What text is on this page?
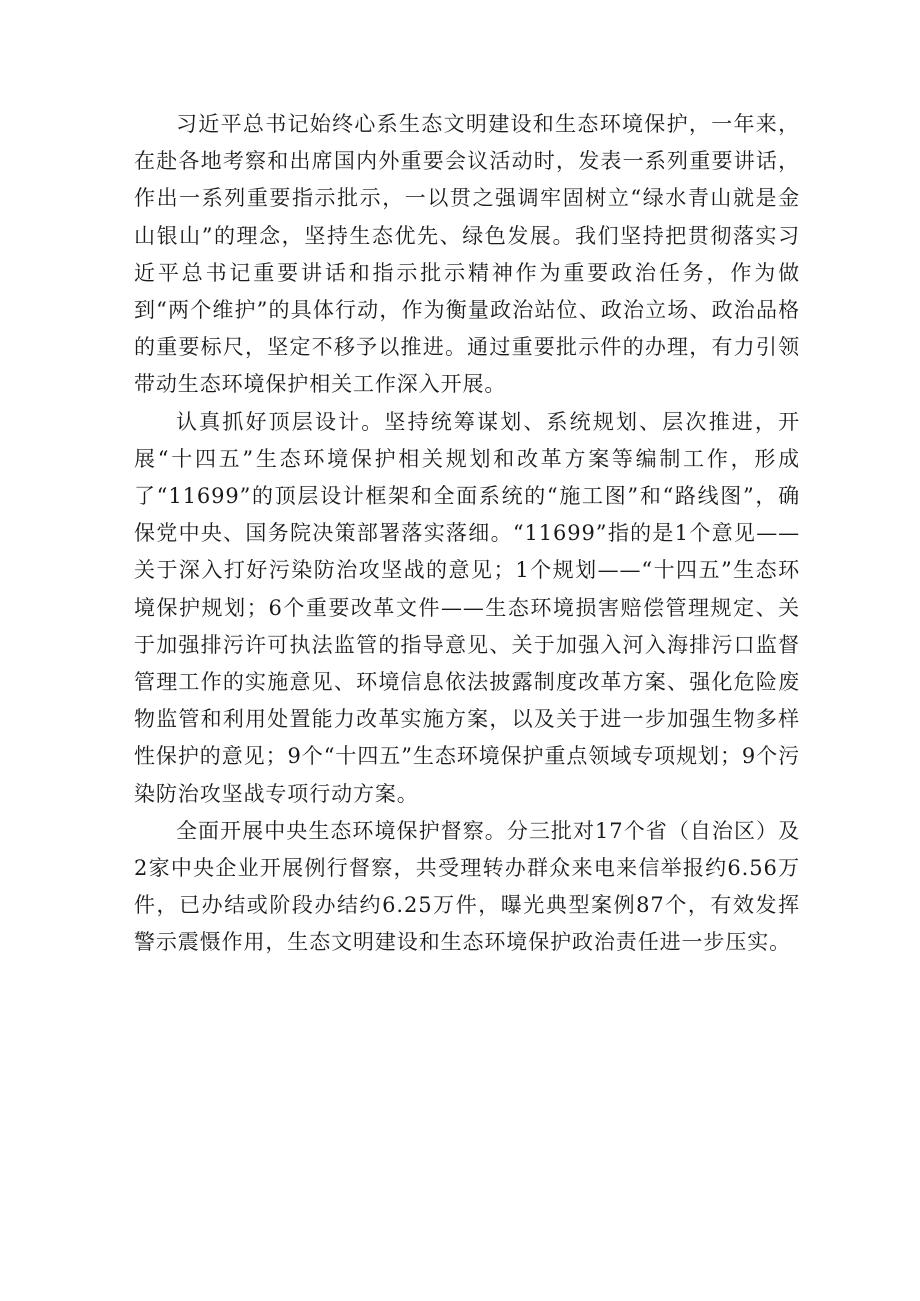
习近平总书记始终心系生态文明建设和生态环境保护，一年来，在赴各地考察和出席国内外重要会议活动时，发表一系列重要讲话，作出一系列重要指示批示，一以贯之强调牢固树立“绿水青山就是金山银山”的理念，坚持生态优先、绿色发展。我们坚持把贯彻落实习近平总书记重要讲话和指示批示精神作为重要政治任务，作为做到“两个维护”的具体行动，作为衡量政治站位、政治立场、政治品格的重要标尺，坚定不移予以推进。通过重要批示件的办理，有力引领带动生态环境保护相关工作深入开展。

认真抓好顶层设计。坚持统筹谋划、系统规划、层次推进，开展“十四五”生态环境保护相关规划和改革方案等编制工作，形成了“11699”的顶层设计框架和全面系统的“施工图”和“路线图”，确保党中央、国务院决策部署落实落细。“11699”指的是1个意见——关于深入打好污染防治攻坚战的意见；1个规划——“十四五”生态环境保护规划；6个重要改革文件——生态环境损害赔偿管理规定、关于加强排污许可执法监管的指导意见、关于加强入河入海排污口监督管理工作的实施意见、环境信息依法披露制度改革方案、强化危险废物监管和利用处置能力改革实施方案，以及关于进一步加强生物多样性保护的意见；9个“十四五”生态环境保护重点领域专项规划；9个污染防治攻坚战专项行动方案。

全面开展中央生态环境保护督察。分三批对17个省（自治区）及2家中央企业开展例行督察，共受理转办群众来电来信举报约6.56万件，已办结或阶段办结约6.25万件，曝光典型案例87个，有效发挥警示震慑作用，生态文明建设和生态环境保护政治责任进一步压实。
